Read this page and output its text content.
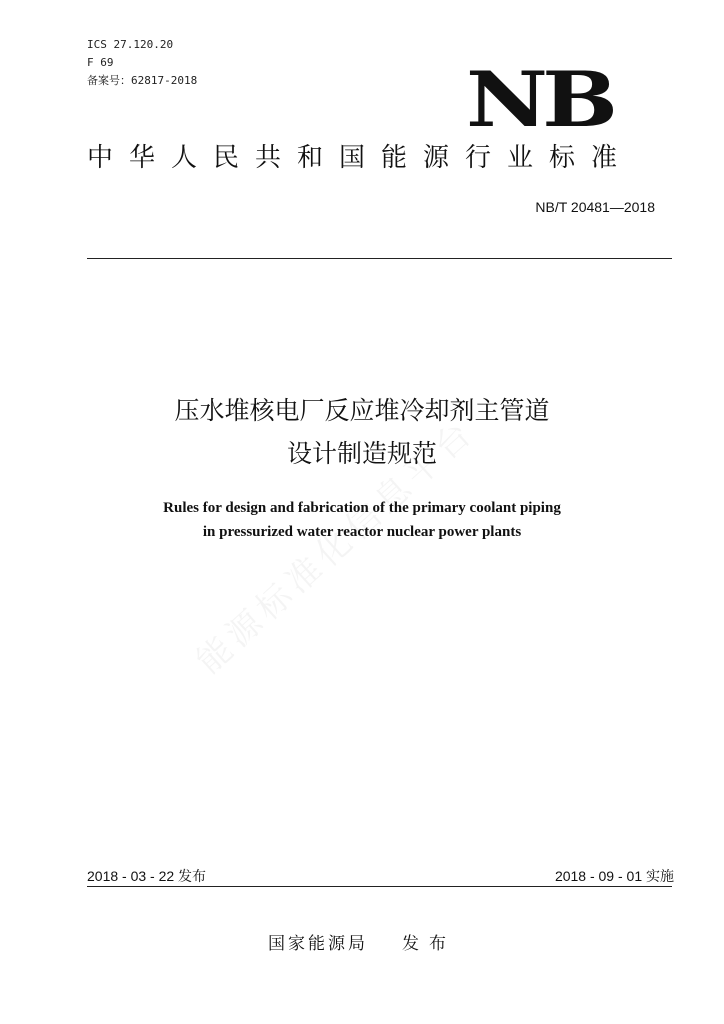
ICS 27.120.20
F 69
备案号：62817-2018	NB
中华人民共和国能源行业标准
NB/T 20481—2018
压水堆核电厂反应堆冷却剂主管道
设计制造规范
Rules for design and fabrication of the primary coolant piping
in pressurized water reactor nuclear power plants
2018 - 03 - 22 发布	2018 - 09 - 01 实施
国家能源局 发布
